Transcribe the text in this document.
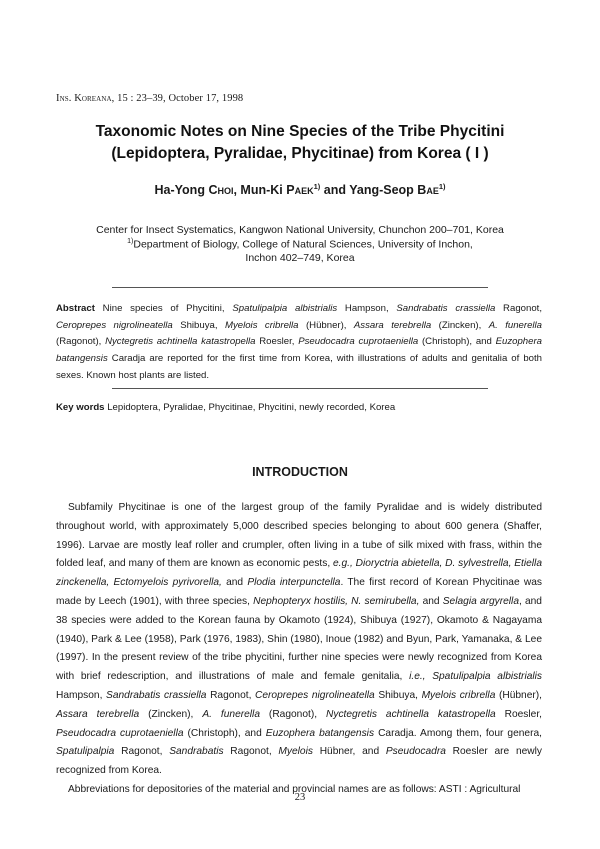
Ins. Koreana, 15 : 23–39, October 17, 1998
Taxonomic Notes on Nine Species of the Tribe Phycitini
(Lepidoptera, Pyralidae, Phycitinae) from Korea ( I )
Ha-Yong Choi, Mun-Ki Paek$^{1)}$ and Yang-Seop Bae$^{1)}$
Center for Insect Systematics, Kangwon National University, Chunchon 200–701, Korea
$^{1)}$Department of Biology, College of Natural Sciences, University of Inchon,
Inchon 402–749, Korea
Abstract Nine species of Phycitini, Spatulipalpia albistrialis Hampson, Sandrabatis crassiella Ragonot, Ceroprepes nigrolineatella Shibuya, Myelois cribrella (Hübner), Assara terebrella (Zincken), A. funerella (Ragonot), Nyctegretis achtinella katastropella Roesler, Pseudocadra cuprotaeniella (Christoph), and Euzophera batangensis Caradja are reported for the first time from Korea, with illustrations of adults and genitalia of both sexes. Known host plants are listed.
Key words Lepidoptera, Pyralidae, Phycitinae, Phycitini, newly recorded, Korea
INTRODUCTION

Subfamily Phycitinae is one of the largest group of the family Pyralidae and is widely distributed throughout world, with approximately 5,000 described species belonging to about 600 genera (Shaffer, 1996). Larvae are mostly leaf roller and crumpler, often living in a tube of silk mixed with frass, within the folded leaf, and many of them are known as economic pests, e.g., Dioryctria abietella, D. sylvestrella, Etiella zinckenella, Ectomyelois pyrivorella, and Plodia interpunctella. The first record of Korean Phycitinae was made by Leech (1901), with three species, Nephopteryx hostilis, N. semirubella, and Selagia argyrella, and 38 species were added to the Korean fauna by Okamoto (1924), Shibuya (1927), Okamoto & Nagayama (1940), Park & Lee (1958), Park (1976, 1983), Shin (1980), Inoue (1982) and Byun, Park, Yamanaka, & Lee (1997). In the present review of the tribe phycitini, further nine species were newly recognized from Korea with brief redescription, and illustrations of male and female genitalia, i.e., Spatulipalpia albistrialis Hampson, Sandrabatis crassiella Ragonot, Ceroprepes nigrolineatella Shibuya, Myelois cribrella (Hübner), Assara terebrella (Zincken), A. funerella (Ragonot), Nyctegretis achtinella katastropella Roesler, Pseudocadra cuprotaeniella (Christoph), and Euzophera batangensis Caradja. Among them, four genera, Spatulipalpia Ragonot, Sandrabatis Ragonot, Myelois Hübner, and Pseudocadra Roesler are newly recognized from Korea.

Abbreviations for depositories of the material and provincial names are as follows: ASTI : Agricultural

23
